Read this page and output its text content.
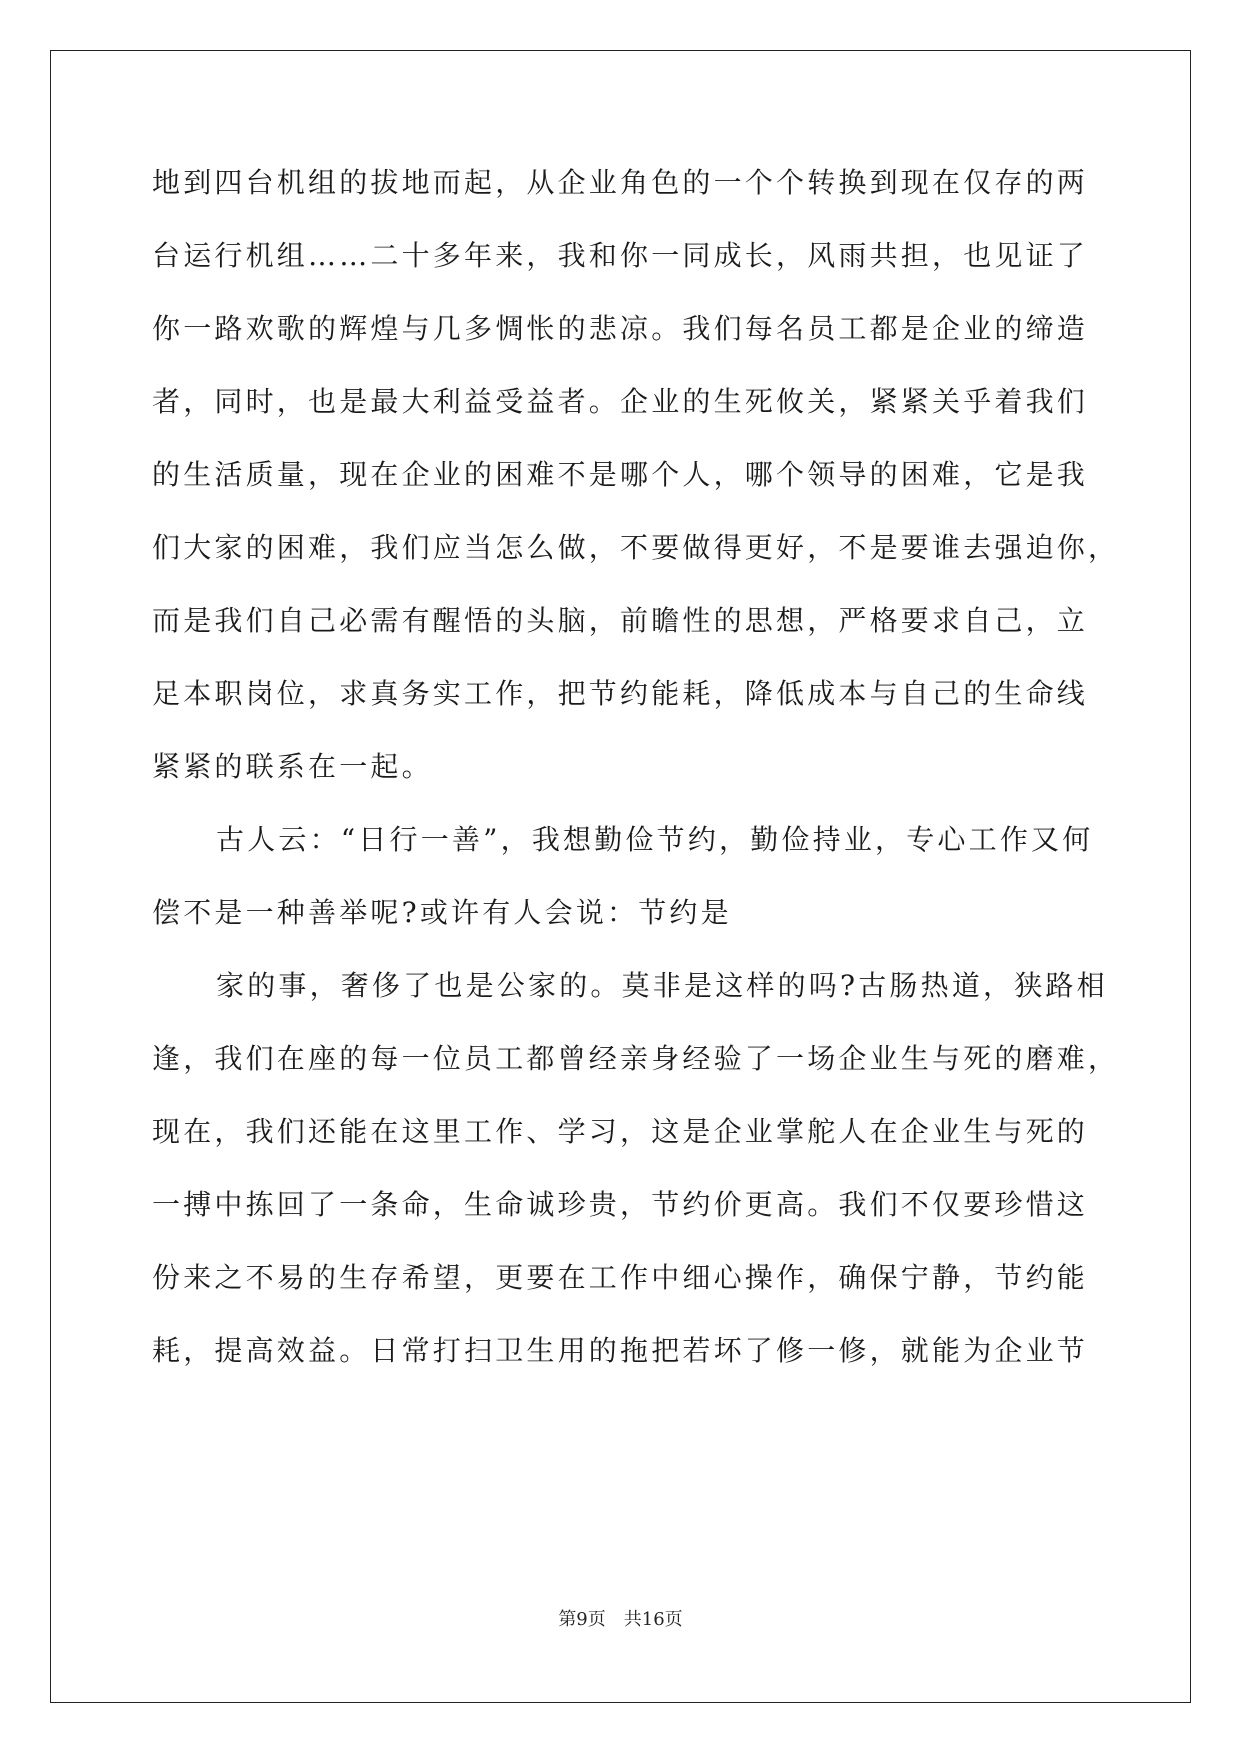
地到四台机组的拔地而起，从企业角色的一个个转换到现在仅存的两
台运行机组……二十多年来，我和你一同成长，风雨共担，也见证了
你一路欢歌的辉煌与几多惆怅的悲凉。我们每名员工都是企业的缔造
者，同时，也是最大利益受益者。企业的生死攸关，紧紧关乎着我们
的生活质量，现在企业的困难不是哪个人，哪个领导的困难，它是我
们大家的困难，我们应当怎么做，不要做得更好，不是要谁去强迫你，
而是我们自己必需有醒悟的头脑，前瞻性的思想，严格要求自己，立
足本职岗位，求真务实工作，把节约能耗，降低成本与自己的生命线
紧紧的联系在一起。
古人云：“日行一善”，我想勤俭节约，勤俭持业，专心工作又何
偿不是一种善举呢?或许有人会说：节约是
家的事，奢侈了也是公家的。莫非是这样的吗?古肠热道，狭路相
逢，我们在座的每一位员工都曾经亲身经验了一场企业生与死的磨难，
现在，我们还能在这里工作、学习，这是企业掌舵人在企业生与死的
一搏中拣回了一条命，生命诚珍贵，节约价更高。我们不仅要珍惜这
份来之不易的生存希望，更要在工作中细心操作，确保宁静，节约能
耗，提高效益。日常打扫卫生用的拖把若坏了修一修，就能为企业节
第9页　共16页
